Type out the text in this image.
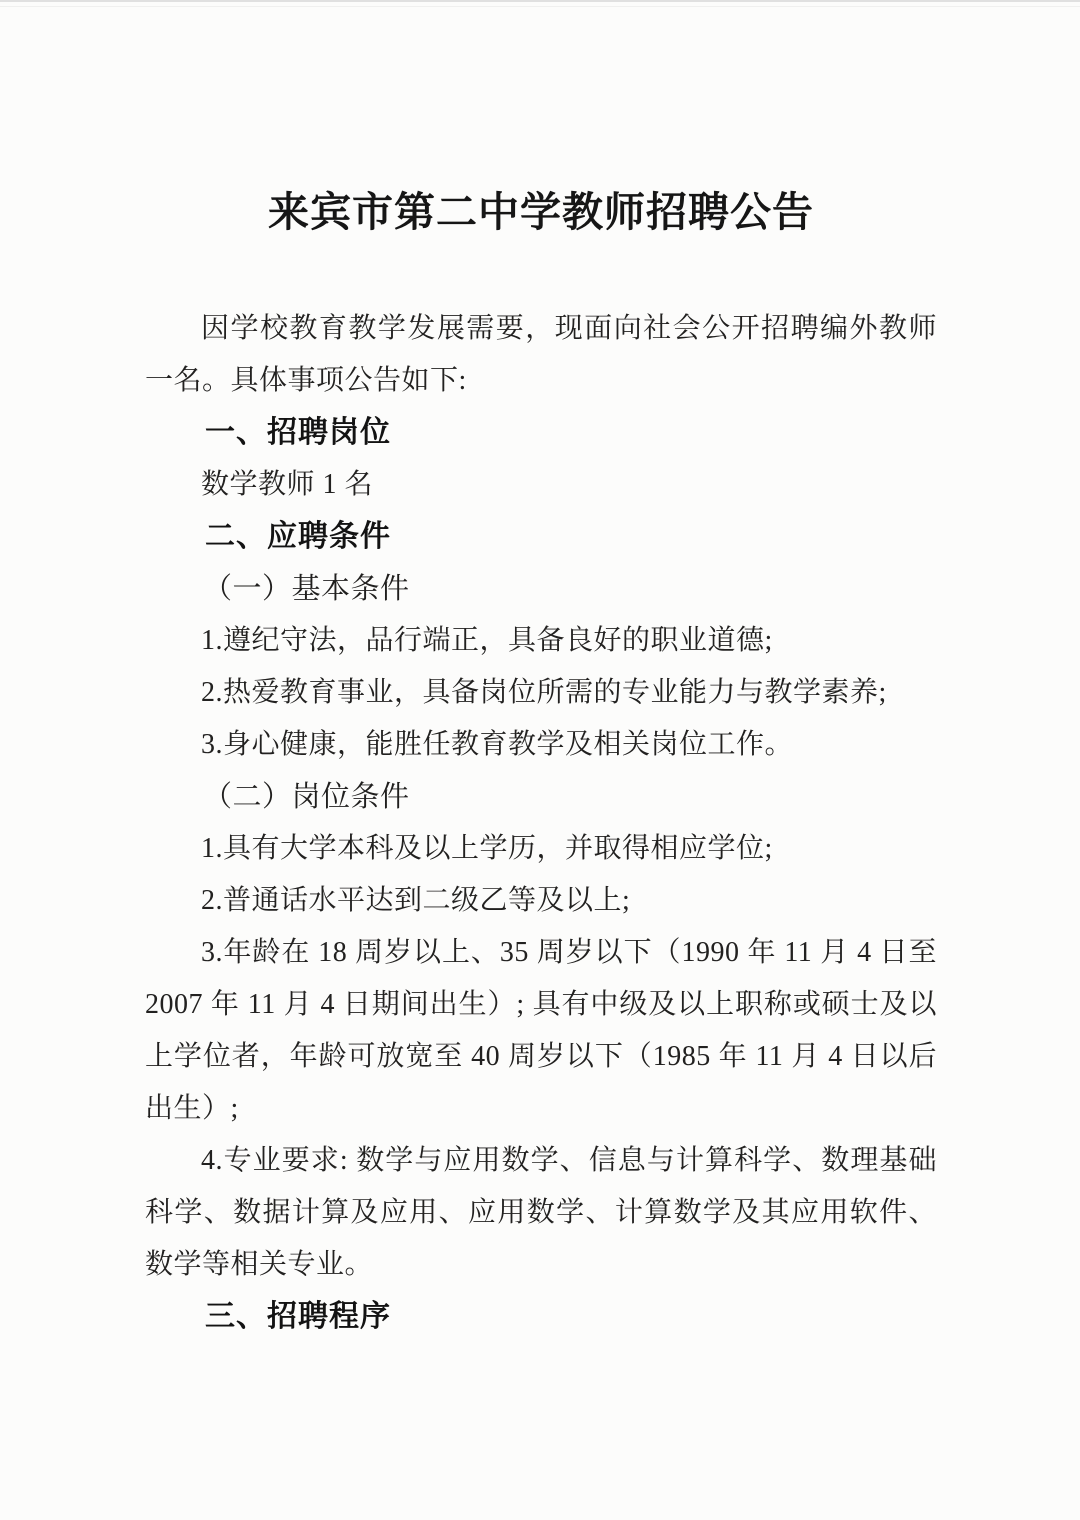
来宾市第二中学教师招聘公告
因学校教育教学发展需要，现面向社会公开招聘编外教师一名。具体事项公告如下:
一、招聘岗位
数学教师 1 名
二、应聘条件
（一）基本条件
1.遵纪守法，品行端正，具备良好的职业道德;
2.热爱教育事业，具备岗位所需的专业能力与教学素养;
3.身心健康，能胜任教育教学及相关岗位工作。
（二）岗位条件
1.具有大学本科及以上学历，并取得相应学位;
2.普通话水平达到二级乙等及以上;
3.年龄在 18 周岁以上、35 周岁以下（1990 年 11 月 4 日至 2007 年 11 月 4 日期间出生）; 具有中级及以上职称或硕士及以上学位者，年龄可放宽至 40 周岁以下（1985 年 11 月 4 日以后出生）;
4.专业要求: 数学与应用数学、信息与计算科学、数理基础科学、数据计算及应用、应用数学、计算数学及其应用软件、数学等相关专业。
三、招聘程序
